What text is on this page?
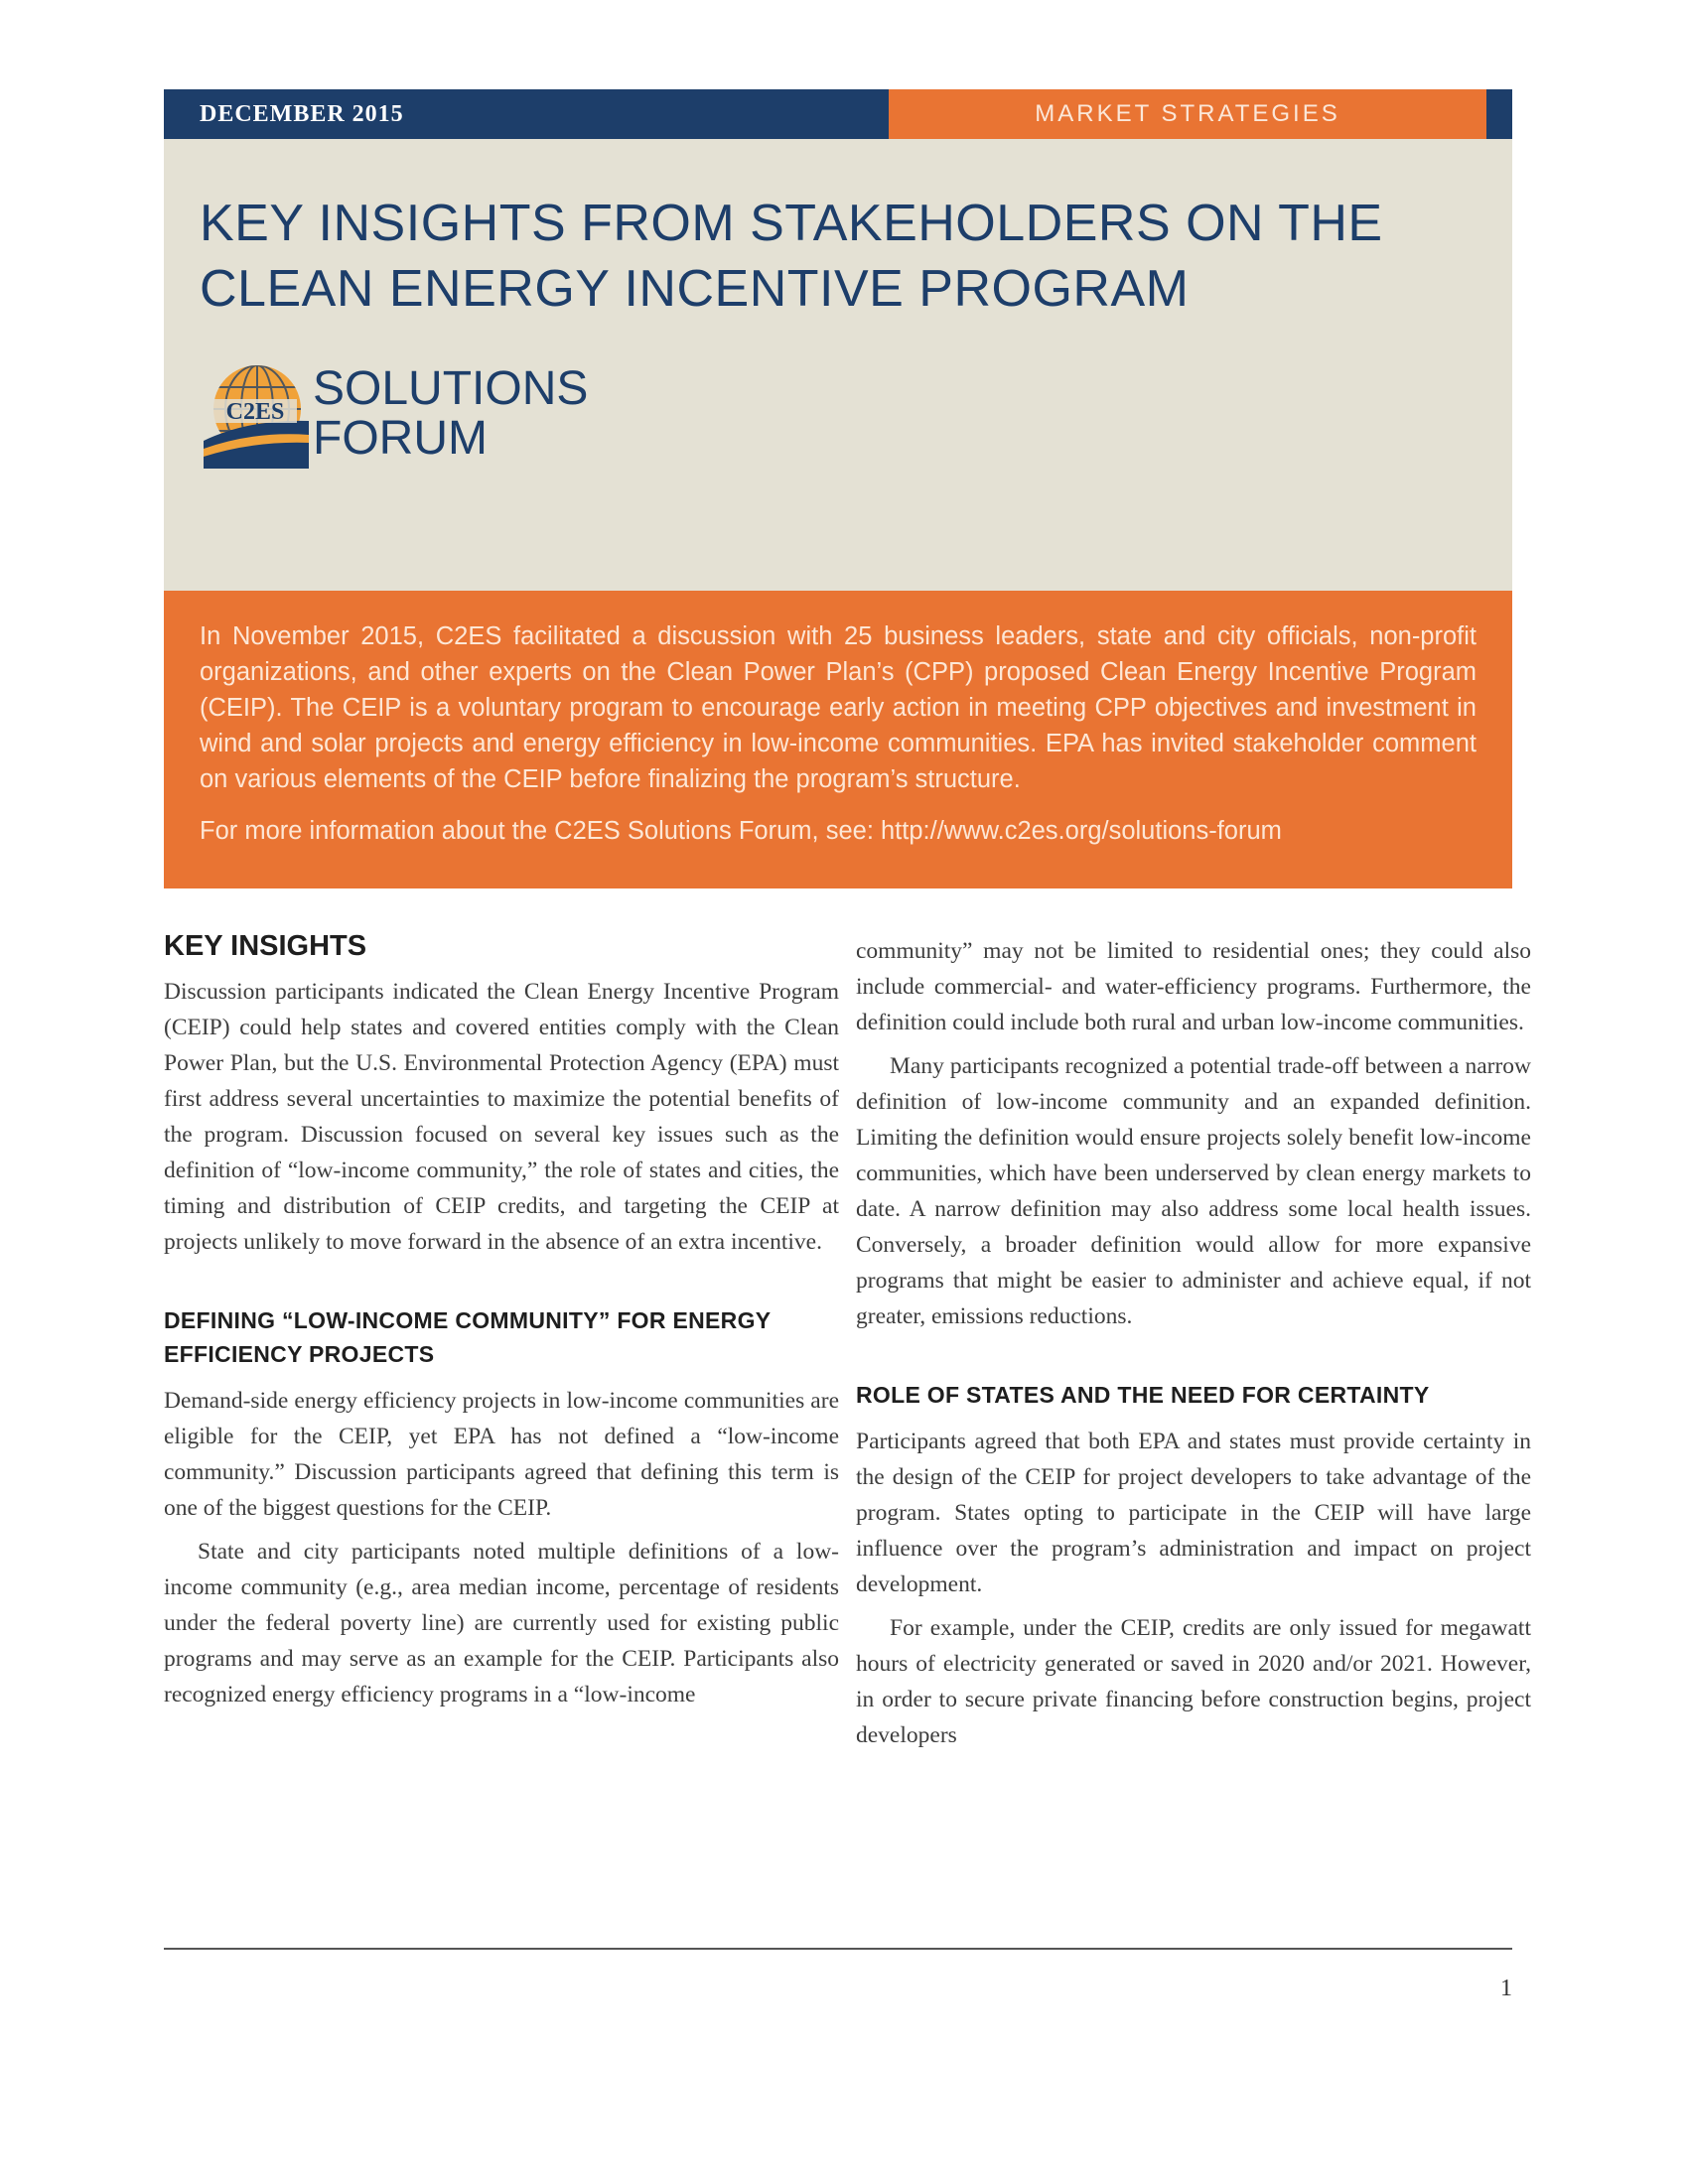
DECEMBER 2015	MARKET STRATEGIES
KEY INSIGHTS FROM STAKEHOLDERS ON THE
CLEAN ENERGY INCENTIVE PROGRAM
C2ES SOLUTIONS
FORUM

In November 2015, C2ES facilitated a discussion with 25 business leaders, state and city officials, non-profit organizations, and other experts on the Clean Power Plan’s (CPP) proposed Clean Energy Incentive Program (CEIP). The CEIP is a voluntary program to encourage early action in meeting CPP objectives and investment in wind and solar projects and energy efficiency in low-income communities. EPA has invited stakeholder comment on various elements of the CEIP before finalizing the program’s structure.

For more information about the C2ES Solutions Forum, see: http://www.c2es.org/solutions-forum

KEY INSIGHTS

Discussion participants indicated the Clean Energy Incentive Program (CEIP) could help states and covered entities comply with the Clean Power Plan, but the U.S. Environmental Protection Agency (EPA) must first address several uncertainties to maximize the potential benefits of the program. Discussion focused on several key issues such as the definition of “low-income community,” the role of states and cities, the timing and distribution of CEIP credits, and targeting the CEIP at projects unlikely to move forward in the absence of an extra incentive.

DEFINING “LOW-INCOME COMMUNITY” FOR ENERGY EFFICIENCY PROJECTS

Demand-side energy efficiency projects in low-income communities are eligible for the CEIP, yet EPA has not defined a “low-income community.” Discussion participants agreed that defining this term is one of the biggest questions for the CEIP.

State and city participants noted multiple definitions of a low-income community (e.g., area median income, percentage of residents under the federal poverty line) are currently used for existing public programs and may serve as an example for the CEIP. Participants also recognized energy efficiency programs in a “low-income

community” may not be limited to residential ones; they could also include commercial- and water-efficiency programs. Furthermore, the definition could include both rural and urban low-income communities.

Many participants recognized a potential trade-off between a narrow definition of low-income community and an expanded definition. Limiting the definition would ensure projects solely benefit low-income communities, which have been underserved by clean energy markets to date. A narrow definition may also address some local health issues. Conversely, a broader definition would allow for more expansive programs that might be easier to administer and achieve equal, if not greater, emissions reductions.

ROLE OF STATES AND THE NEED FOR CERTAINTY

Participants agreed that both EPA and states must provide certainty in the design of the CEIP for project developers to take advantage of the program. States opting to participate in the CEIP will have large influence over the program’s administration and impact on project development.

For example, under the CEIP, credits are only issued for megawatt hours of electricity generated or saved in 2020 and/or 2021. However, in order to secure private financing before construction begins, project developers

1
